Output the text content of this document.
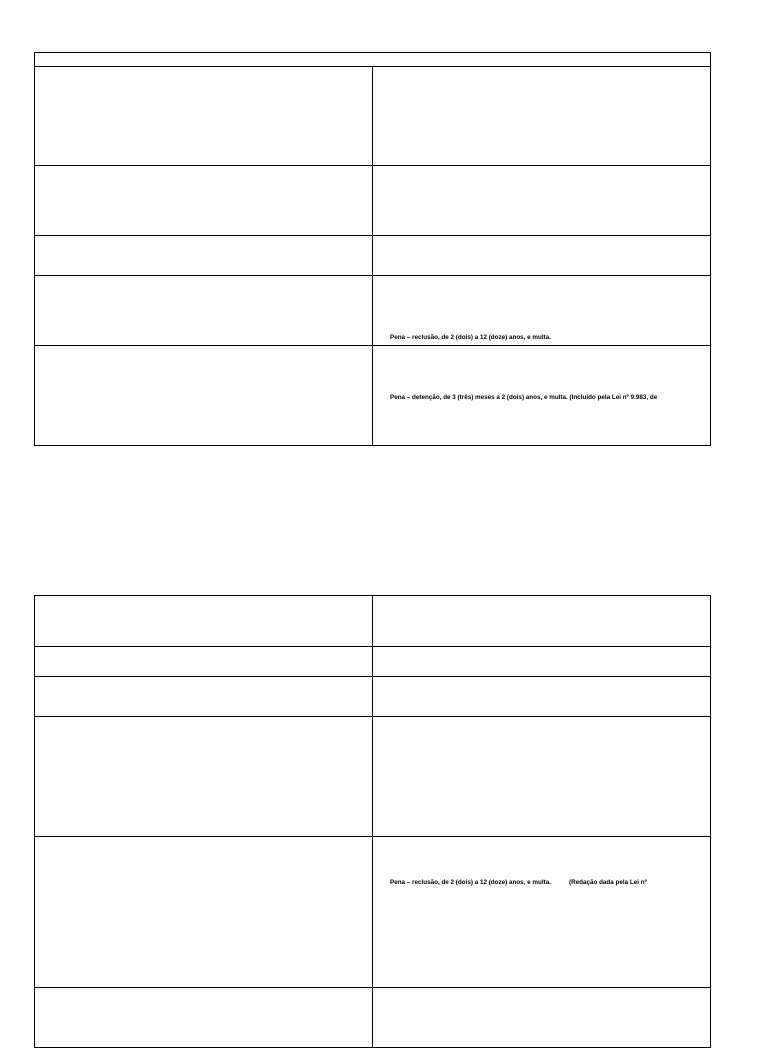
	Pena – reclusão, de 2 (dois) a 12 (doze) anos, e multa.

	Pena – detenção, de 3 (três) meses a 2 (dois) anos, e multa. (Incluído pela Lei nº 9.983, de

	Pena – reclusão, de 2 (dois) a 12 (doze) anos, e multa. (Redação dada pela Lei nº
